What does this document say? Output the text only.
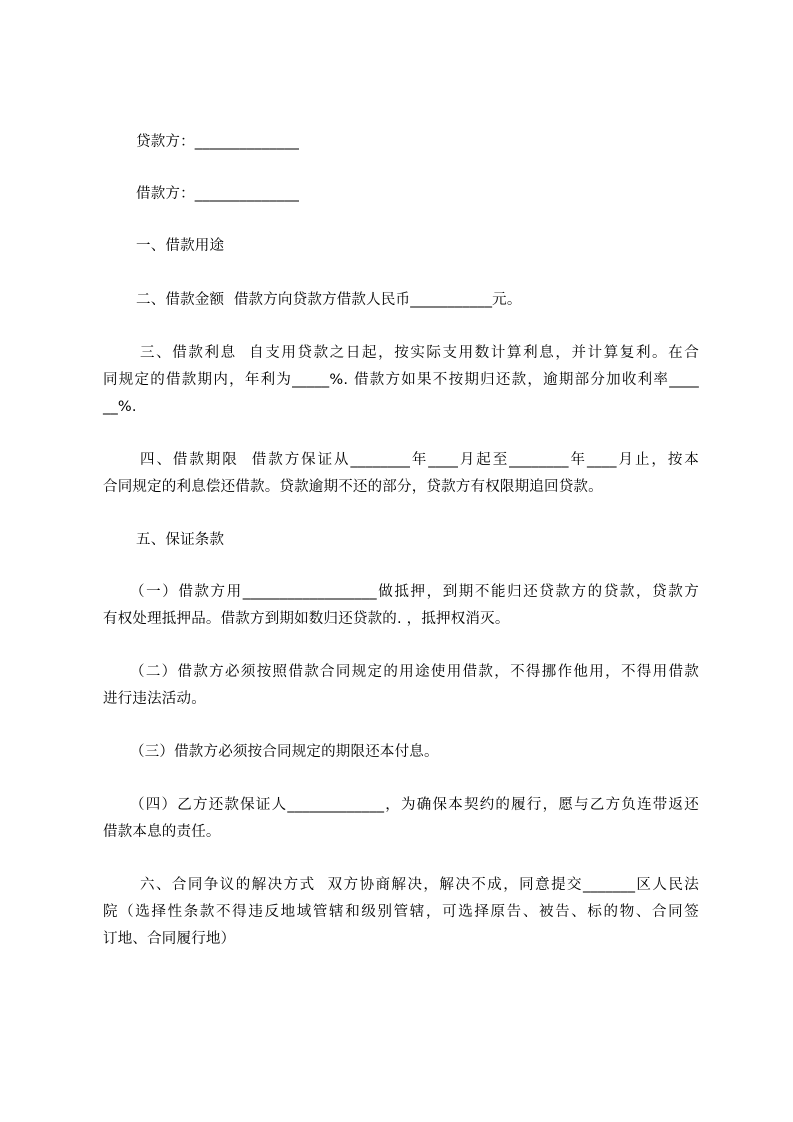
贷款方：______________
借款方：______________
一、借款用途
二、借款金额  借款方向贷款方借款人民币___________元。
三、借款利息  自支用贷款之日起，按实际支用数计算利息，并计算复利。在合
同规定的借款期内，年利为_____%. 借款方如果不按期归还款，逾期部分加收利率____
__%.
四、借款期限  借款方保证从________年____月起至________年____月止，按本
合同规定的利息偿还借款。贷款逾期不还的部分，贷款方有权限期追回贷款。
五、保证条款
（一）借款方用__________________做抵押，到期不能归还贷款方的贷款，贷款方
有权处理抵押品。借款方到期如数归还贷款的. ，抵押权消灭。
（二）借款方必须按照借款合同规定的用途使用借款，不得挪作他用，不得用借款
进行违法活动。
（三）借款方必须按合同规定的期限还本付息。
（四）乙方还款保证人_____________，为确保本契约的履行，愿与乙方负连带返还
借款本息的责任。
六、合同争议的解决方式  双方协商解决，解决不成，同意提交_______区人民法
院（选择性条款不得违反地域管辖和级别管辖，可选择原告、被告、标的物、合同签
订地、合同履行地）
